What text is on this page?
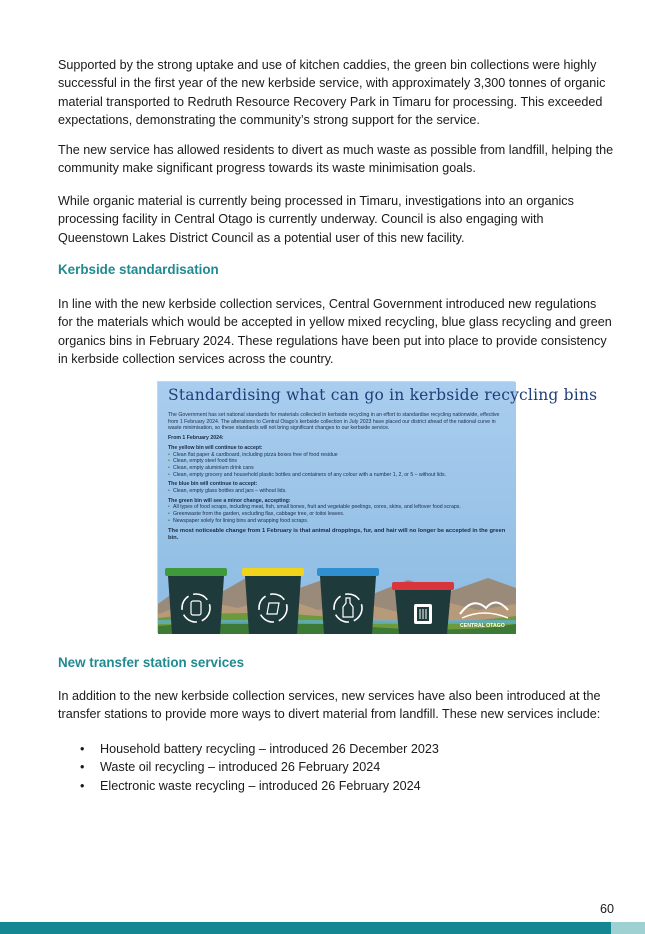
Supported by the strong uptake and use of kitchen caddies, the green bin collections were highly successful in the first year of the new kerbside service, with approximately 3,300 tonnes of organic material transported to Redruth Resource Recovery Park in Timaru for processing. This exceeded expectations, demonstrating the community’s strong support for the service.

The new service has allowed residents to divert as much waste as possible from landfill, helping the community make significant progress towards its waste minimisation goals.

While organic material is currently being processed in Timaru, investigations into an organics processing facility in Central Otago is currently underway. Council is also engaging with Queenstown Lakes District Council as a potential user of this new facility.

Kerbside standardisation

In line with the new kerbside collection services, Central Government introduced new regulations for the materials which would be accepted in yellow mixed recycling, blue glass recycling and green organics bins in February 2024. These regulations have been put into place to provide consistency in kerbside collection services across the country.

CENTRAL OTAGO
Standardising what can go in kerbside recycling bins
The Government has set national standards for materials collected in kerbside recycling in an effort to standardise recycling nationwide, effective from 1 February 2024. The alterations to Central Otago’s kerbside collection in July 2023 have placed our district ahead of the national curve in waste minimisation, so these standards will not bring significant changes to our kerbside service.
From 1 February 2024:
The yellow bin will continue to accept:
• Clean flat paper & cardboard, including pizza boxes free of food residue
• Clean, empty steel food tins
• Clean, empty aluminium drink cans
• Clean, empty grocery and household plastic bottles and containers of any colour with a number 1, 2, or 5 – without lids.
The blue bin will continue to accept:
• Clean, empty glass bottles and jars – without lids.
The green bin will see a minor change, accepting:
• All types of food scraps, including meat, fish, small bones, fruit and vegetable peelings, cores, skins, and leftover food scraps.
• Greenwaste from the garden, excluding flax, cabbage tree, or toitoi leaves.
• Newspaper solely for lining bins and wrapping food scraps.
The most noticeable change from 1 February is that animal droppings, fur, and hair will no longer be accepted in the green bin.
New transfer station services

In addition to the new kerbside collection services, new services have also been introduced at the transfer stations to provide more ways to divert material from landfill. These new services include:

• Household battery recycling – introduced 26 December 2023
• Waste oil recycling – introduced 26 February 2024
• Electronic waste recycling – introduced 26 February 2024
60
